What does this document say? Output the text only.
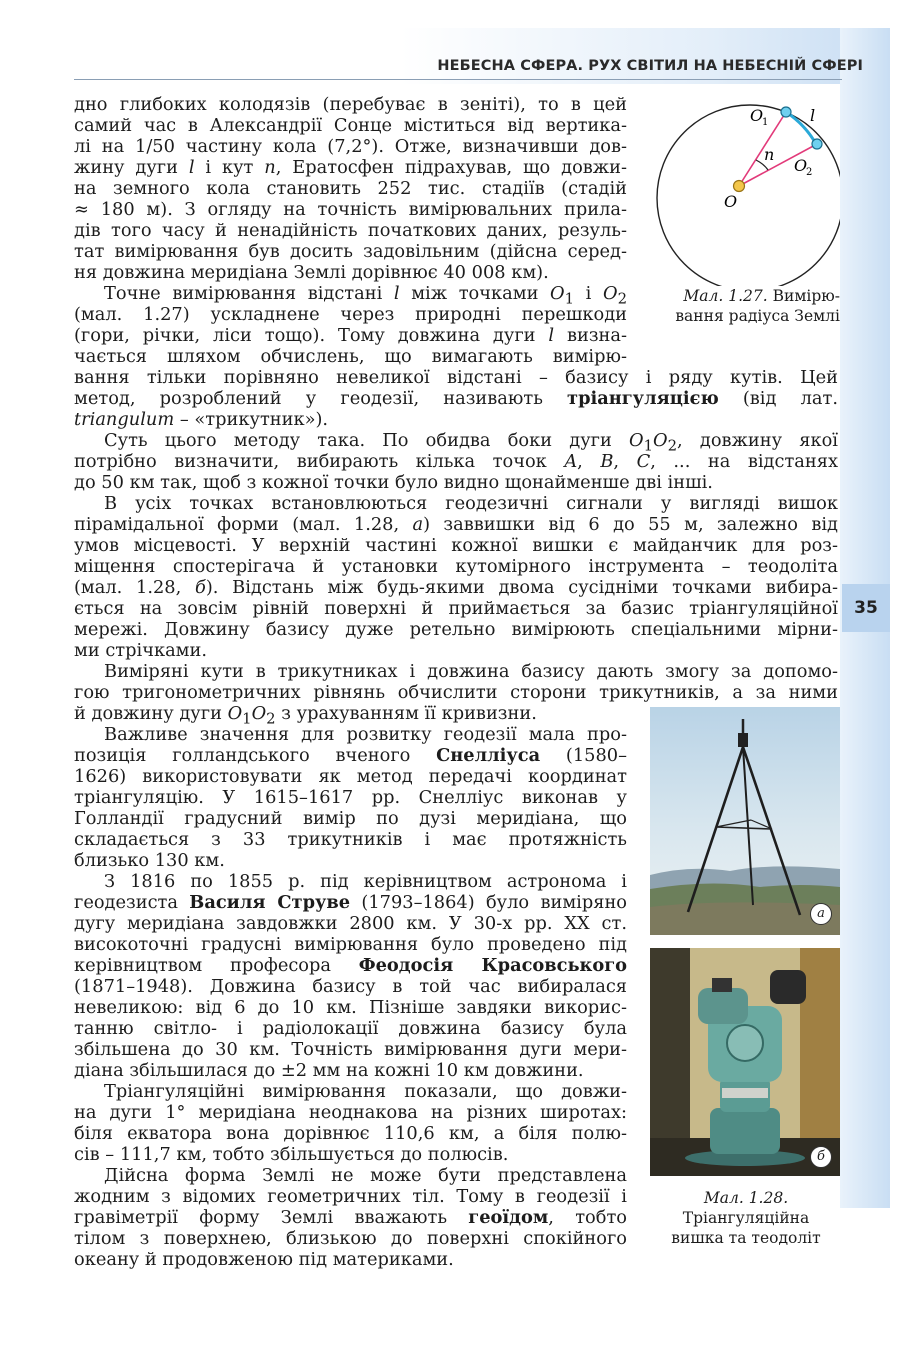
НЕБЕСНА СФЕРА. РУХ СВІТИЛ НА НЕБЕСНІЙ СФЕРІ
35
O
1	l
n
O
2
O
Мал. 1.27. Вимірю-
вання радіуса Землі
а
б
Мал. 1.28.
Тріангуляційна
вишка та теодоліт
дно глибоких колодязів (перебуває в зеніті), то в цей
самий час в Александрії Сонце міститься від вертика-
лі на 1/50 частину кола (7,2°). Отже, визначивши дов-
жину дуги l і кут n, Ератосфен підрахував, що довжи-
на земного кола становить 252 тис. стадіїв (стадій
≈ 180 м). З огляду на точність вимірювальних прила-
дів того часу й ненадійність початкових даних, резуль-
тат вимірювання був досить задовільним (дійсна серед-
ня довжина меридіана Землі дорівнює 40 008 км).
Точне вимірювання відстані l між точками $O_1$ і $O_2$
(мал. 1.27) ускладнене через природні перешкоди
(гори, річки, ліси тощо). Тому довжина дуги l визна-
чається шляхом обчислень, що вимагають вимірю-
вання тільки порівняно невеликої відстані – базису і ряду кутів. Цей
метод, розроблений у геодезії, називають тріангуляцією (від лат.
triangulum – «трикутник»).
Суть цього методу така. По обидва боки дуги $O_1O_2$, довжину якої
потрібно визначити, вибирають кілька точок A, B, C, ... на відстанях
до 50 км так, щоб з кожної точки було видно щонайменше дві інші.
В усіх точках встановлюються геодезичні сигнали у вигляді вишок
пірамідальної форми (мал. 1.28, а) заввишки від 6 до 55 м, залежно від
умов місцевості. У верхній частині кожної вишки є майданчик для роз-
міщення спостерігача й установки кутомірного інструмента – теодоліта
(мал. 1.28, б). Відстань між будь-якими двома сусідніми точками вибира-
ється на зовсім рівній поверхні й приймається за базис тріангуляційної
мережі. Довжину базису дуже ретельно вимірюють спеціальними мірни-
ми стрічками.
Виміряні кути в трикутниках і довжина базису дають змогу за допомо-
гою тригонометричних рівнянь обчислити сторони трикутників, а за ними
й довжину дуги $O_1O_2$ з урахуванням її кривизни.
Важливе значення для розвитку геодезії мала про-
позиція голландського вченого Снелліуса (1580–
1626) використовувати як метод передачі координат
тріангуляцію. У 1615–1617 рр. Снелліус виконав у
Голландії градусний вимір по дузі меридіана, що
складається з 33 трикутників і має протяжність
близько 130 км.
З 1816 по 1855 р. під керівництвом астронома і
геодезиста Василя Струве (1793–1864) було виміряно
дугу меридіана завдовжки 2800 км. У 30-х рр. XX ст.
високоточні градусні вимірювання було проведено під
керівництвом професора Феодосія Красовського
(1871–1948). Довжина базису в той час вибиралася
невеликою: від 6 до 10 км. Пізніше завдяки викорис-
танню світло- і радіолокації довжина базису була
збільшена до 30 км. Точність вимірювання дуги мери-
діана збільшилася до ±2 мм на кожні 10 км довжини.
Тріангуляційні вимірювання показали, що довжи-
на дуги 1° меридіана неоднакова на різних широтах:
біля екватора вона дорівнює 110,6 км, а біля полю-
сів – 111,7 км, тобто збільшується до полюсів.
Дійсна форма Землі не може бути представлена
жодним з відомих геометричних тіл. Тому в геодезії і
гравіметрії форму Землі вважають геоїдом, тобто
тілом з поверхнею, близькою до поверхні спокійного
океану й продовженою під материками.
